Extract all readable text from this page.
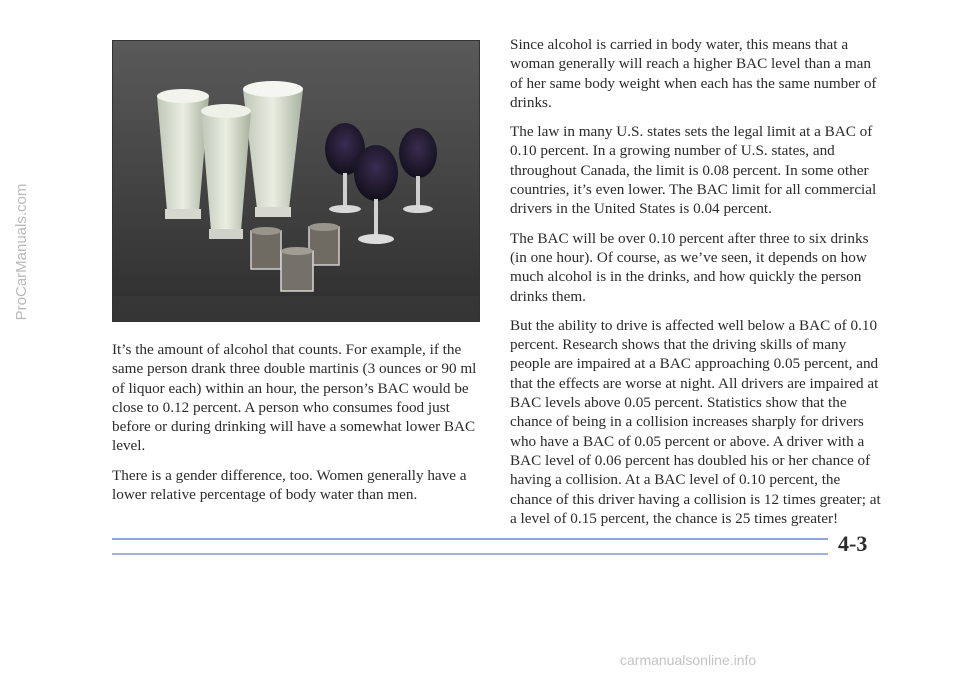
ProCarManuals.com

It’s the amount of alcohol that counts. For example, if the same person drank three double martinis (3 ounces or 90 ml of liquor each) within an hour, the person’s BAC would be close to 0.12 percent. A person who consumes food just before or during drinking will have a somewhat lower BAC level.

There is a gender difference, too. Women generally have a lower relative percentage of body water than men.

Since alcohol is carried in body water, this means that a woman generally will reach a higher BAC level than a man of her same body weight when each has the same number of drinks.

The law in many U.S. states sets the legal limit at a BAC of 0.10 percent. In a growing number of U.S. states, and throughout Canada, the limit is 0.08 percent. In some other countries, it’s even lower. The BAC limit for all commercial drivers in the United States is 0.04 percent.

The BAC will be over 0.10 percent after three to six drinks (in one hour). Of course, as we’ve seen, it depends on how much alcohol is in the drinks, and how quickly the person drinks them.

But the ability to drive is affected well below a BAC of 0.10 percent. Research shows that the driving skills of many people are impaired at a BAC approaching 0.05 percent, and that the effects are worse at night. All drivers are impaired at BAC levels above 0.05 percent. Statistics show that the chance of being in a collision increases sharply for drivers who have a BAC of 0.05 percent or above. A driver with a BAC level of 0.06 percent has doubled his or her chance of having a collision. At a BAC level of 0.10 percent, the chance of this driver having a collision is 12 times greater; at a level of 0.15 percent, the chance is 25 times greater!

4-3
carmanualsonline.info
